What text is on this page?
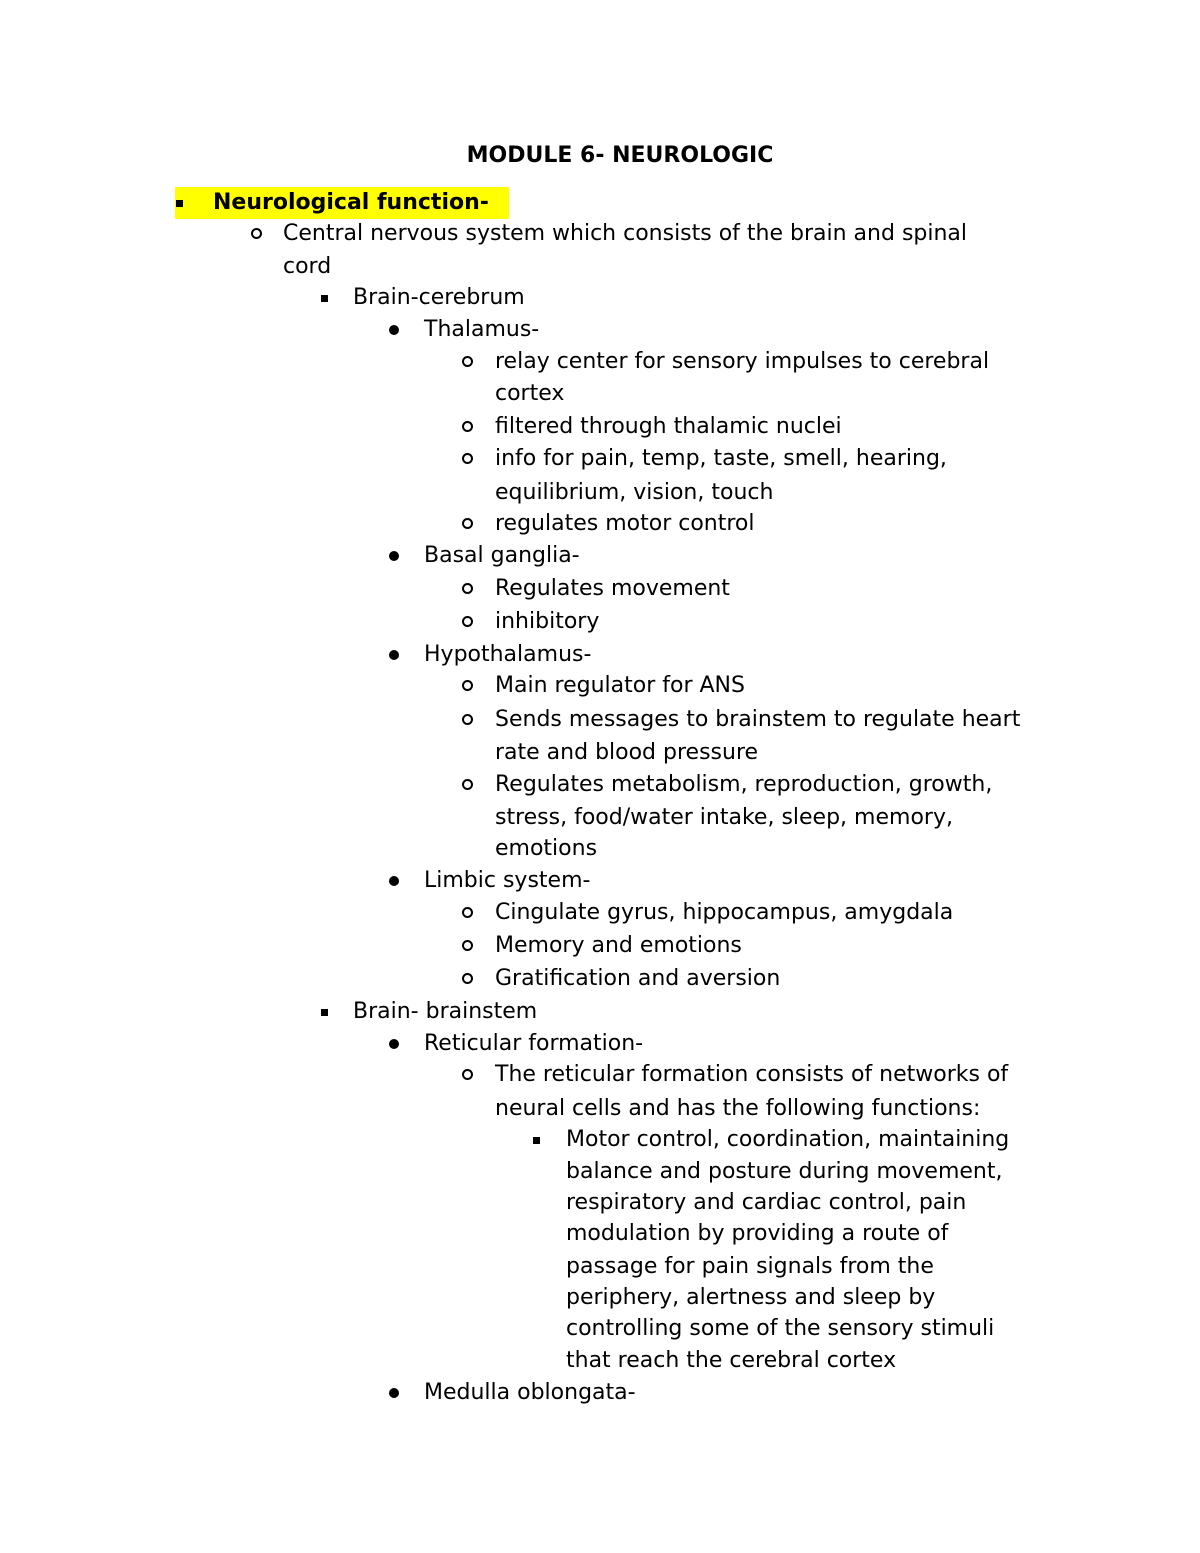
MODULE 6- NEUROLOGIC
Neurological function-
Central nervous system which consists of the brain and spinal
cord
Brain-cerebrum
Thalamus-
relay center for sensory impulses to cerebral
cortex
filtered through thalamic nuclei
info for pain, temp, taste, smell, hearing,
equilibrium, vision, touch
regulates motor control
Basal ganglia-
Regulates movement
inhibitory
Hypothalamus-
Main regulator for ANS
Sends messages to brainstem to regulate heart
rate and blood pressure
Regulates metabolism, reproduction, growth,
stress, food/water intake, sleep, memory,
emotions
Limbic system-
Cingulate gyrus, hippocampus, amygdala
Memory and emotions
Gratification and aversion
Brain- brainstem
Reticular formation-
The reticular formation consists of networks of
neural cells and has the following functions:
Motor control, coordination, maintaining
balance and posture during movement,
respiratory and cardiac control, pain
modulation by providing a route of
passage for pain signals from the
periphery, alertness and sleep by
controlling some of the sensory stimuli
that reach the cerebral cortex
Medulla oblongata-
